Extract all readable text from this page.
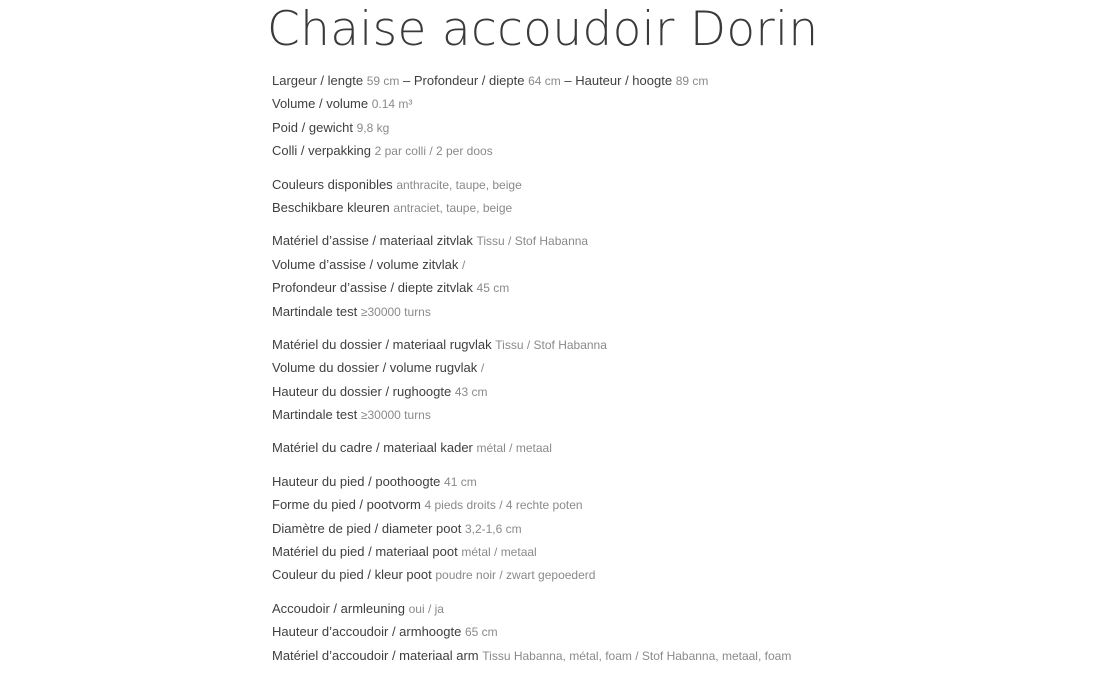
Chaise accoudoir Dorin
Largeur / lengte 59 cm – Profondeur / diepte 64 cm – Hauteur / hoogte 89 cm
Volume / volume 0.14 m³
Poid / gewicht 9,8 kg
Colli / verpakking 2 par colli / 2 per doos
Couleurs disponibles anthracite, taupe, beige
Beschikbare kleuren antraciet, taupe, beige
Matériel d’assise / materiaal zitvlak Tissu / Stof Habanna
Volume d’assise / volume zitvlak /
Profondeur d’assise / diepte zitvlak 45 cm
Martindale test ≥30000 turns
Matériel du dossier / materiaal rugvlak Tissu / Stof Habanna
Volume du dossier / volume rugvlak /
Hauteur du dossier / rughoogte 43 cm
Martindale test ≥30000 turns
Matériel du cadre / materiaal kader métal / metaal
Hauteur du pied / poothoogte 41 cm
Forme du pied / pootvorm 4 pieds droits / 4 rechte poten
Diamètre de pied / diameter poot 3,2-1,6 cm
Matériel du pied / materiaal poot métal / metaal
Couleur du pied / kleur poot poudre noir / zwart gepoederd
Accoudoir / armleuning oui / ja
Hauteur d’accoudoir / armhoogte 65 cm
Matériel d’accoudoir / materiaal arm Tissu Habanna, métal, foam / Stof Habanna, metaal, foam
